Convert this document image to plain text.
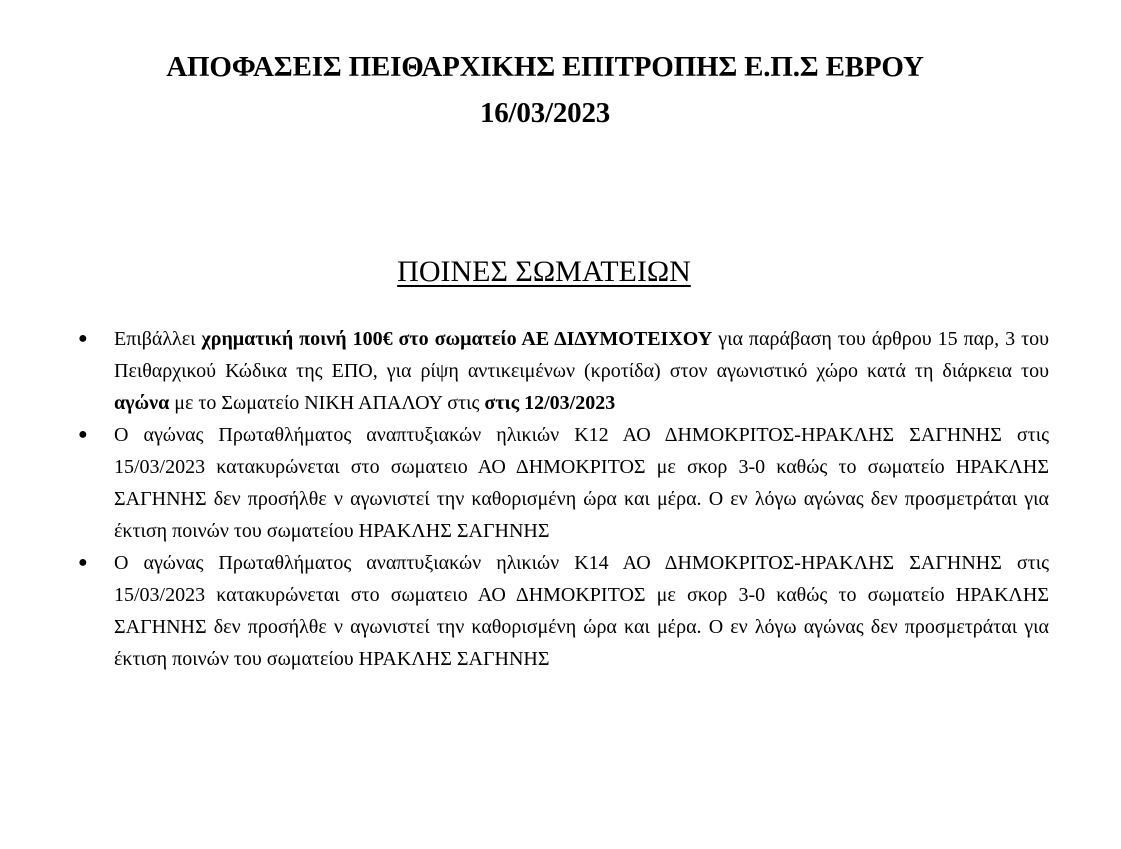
ΑΠΟΦΑΣΕΙΣ ΠΕΙΘΑΡΧΙΚΗΣ ΕΠΙΤΡΟΠΗΣ Ε.Π.Σ ΕΒΡΟΥ
16/03/2023
ΠΟΙΝΕΣ ΣΩΜΑΤΕΙΩΝ
● Επιβάλλει χρηματική ποινή 100€ στο σωματείο ΑΕ ΔΙΔΥΜΟΤΕΙΧΟΥ για παράβαση του άρθρου 15 παρ, 3 του Πειθαρχικού Κώδικα της ΕΠΟ, για ρίψη αντικειμένων (κροτίδα) στον αγωνιστικό χώρο κατά τη διάρκεια του αγώνα με το Σωματείο ΝΙΚΗ ΑΠΑΛΟΥ στις στις 12/03/2023
● Ο αγώνας Πρωταθλήματος αναπτυξιακών ηλικιών Κ12 ΑΟ ΔΗΜΟΚΡΙΤΟΣ-ΗΡΑΚΛΗΣ ΣΑΓΗΝΗΣ στις 15/03/2023 κατακυρώνεται στο σωματειο ΑΟ ΔΗΜΟΚΡΙΤΟΣ με σκορ 3-0 καθώς το σωματείο ΗΡΑΚΛΗΣ ΣΑΓΗΝΗΣ δεν προσήλθε ν αγωνιστεί την καθορισμένη ώρα και μέρα. Ο εν λόγω αγώνας δεν προσμετράται για έκτιση ποινών του σωματείου ΗΡΑΚΛΗΣ ΣΑΓΗΝΗΣ
● Ο αγώνας Πρωταθλήματος αναπτυξιακών ηλικιών Κ14 ΑΟ ΔΗΜΟΚΡΙΤΟΣ-ΗΡΑΚΛΗΣ ΣΑΓΗΝΗΣ στις 15/03/2023 κατακυρώνεται στο σωματειο ΑΟ ΔΗΜΟΚΡΙΤΟΣ με σκορ 3-0 καθώς το σωματείο ΗΡΑΚΛΗΣ ΣΑΓΗΝΗΣ δεν προσήλθε ν αγωνιστεί την καθορισμένη ώρα και μέρα. Ο εν λόγω αγώνας δεν προσμετράται για έκτιση ποινών του σωματείου ΗΡΑΚΛΗΣ ΣΑΓΗΝΗΣ
